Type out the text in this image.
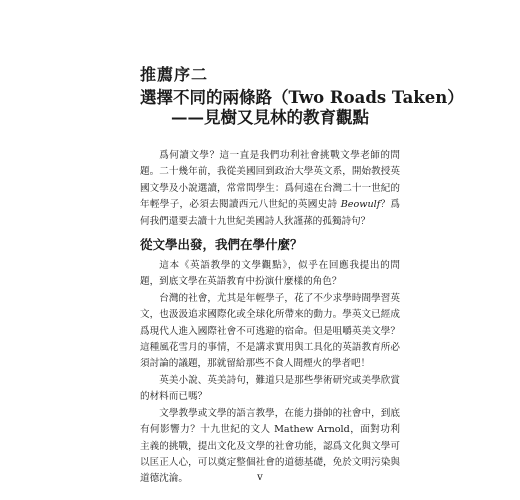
推薦序二
選擇不同的兩條路（Two Roads Taken）
——見樹又見林的教育觀點

爲何讀文學？這一直是我們功利社會挑戰文學老師的問題。二十幾年前，我從美國回到政治大學英文系，開始教授英國文學及小說選讀，常常問學生：爲何遠在台灣二十一世紀的年輕學子，必須去閱讀西元八世紀的英國史詩 Beowulf？爲何我們還要去讀十九世紀美國詩人狄謹蓀的孤獨詩句？

從文學出發，我們在學什麼？

這本《英語教學的文學觀點》，似乎在回應我提出的問題，到底文學在英語教育中扮演什麼樣的角色？

台灣的社會，尤其是年輕學子，花了不少求學時間學習英文，也汲汲追求國際化或全球化所帶來的動力。學英文已經成爲現代人進入國際社會不可逃避的宿命。但是咀嚼英美文學？這種風花雪月的事情，不是講求實用與工具化的英語教育所必須討論的議題，那就留給那些不食人間煙火的學者吧！

英美小說、英美詩句，難道只是那些學術研究或美學欣賞的材料而已嗎？

文學教學或文學的語言教學，在能力掛帥的社會中，到底有何影響力？十九世紀的文人 Mathew Arnold，面對功利主義的挑戰，提出文化及文學的社會功能，認爲文化與文學可以匡正人心，可以奠定整個社會的道德基礎，免於文明污染與道德沈淪。	v
